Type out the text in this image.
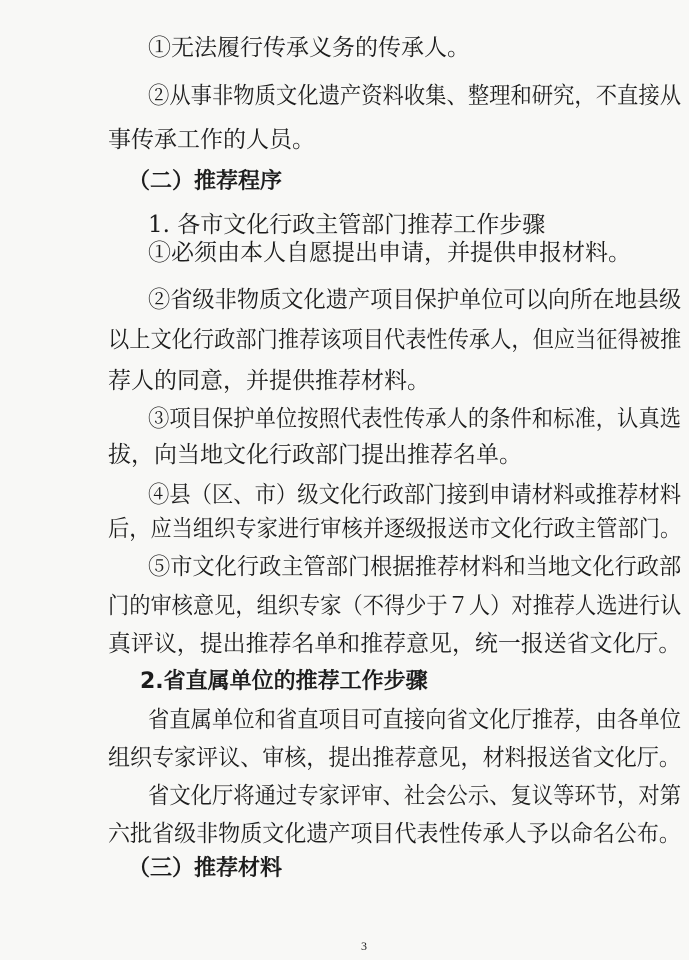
①无法履行传承义务的传承人。
②从事非物质文化遗产资料收集、整理和研究，不直接从
事传承工作的人员。
（二）推荐程序
1. 各市文化行政主管部门推荐工作步骤
①必须由本人自愿提出申请，并提供申报材料。
②省级非物质文化遗产项目保护单位可以向所在地县级
以上文化行政部门推荐该项目代表性传承人，但应当征得被推
荐人的同意，并提供推荐材料。
③项目保护单位按照代表性传承人的条件和标准，认真选
拔，向当地文化行政部门提出推荐名单。
④县（区、市）级文化行政部门接到申请材料或推荐材料
后，应当组织专家进行审核并逐级报送市文化行政主管部门。
⑤市文化行政主管部门根据推荐材料和当地文化行政部
门的审核意见，组织专家（不得少于７人）对推荐人选进行认
真评议，提出推荐名单和推荐意见，统一报送省文化厅。
2.省直属单位的推荐工作步骤
省直属单位和省直项目可直接向省文化厅推荐，由各单位
组织专家评议、审核，提出推荐意见，材料报送省文化厅。
省文化厅将通过专家评审、社会公示、复议等环节，对第
六批省级非物质文化遗产项目代表性传承人予以命名公布。
（三）推荐材料
3
